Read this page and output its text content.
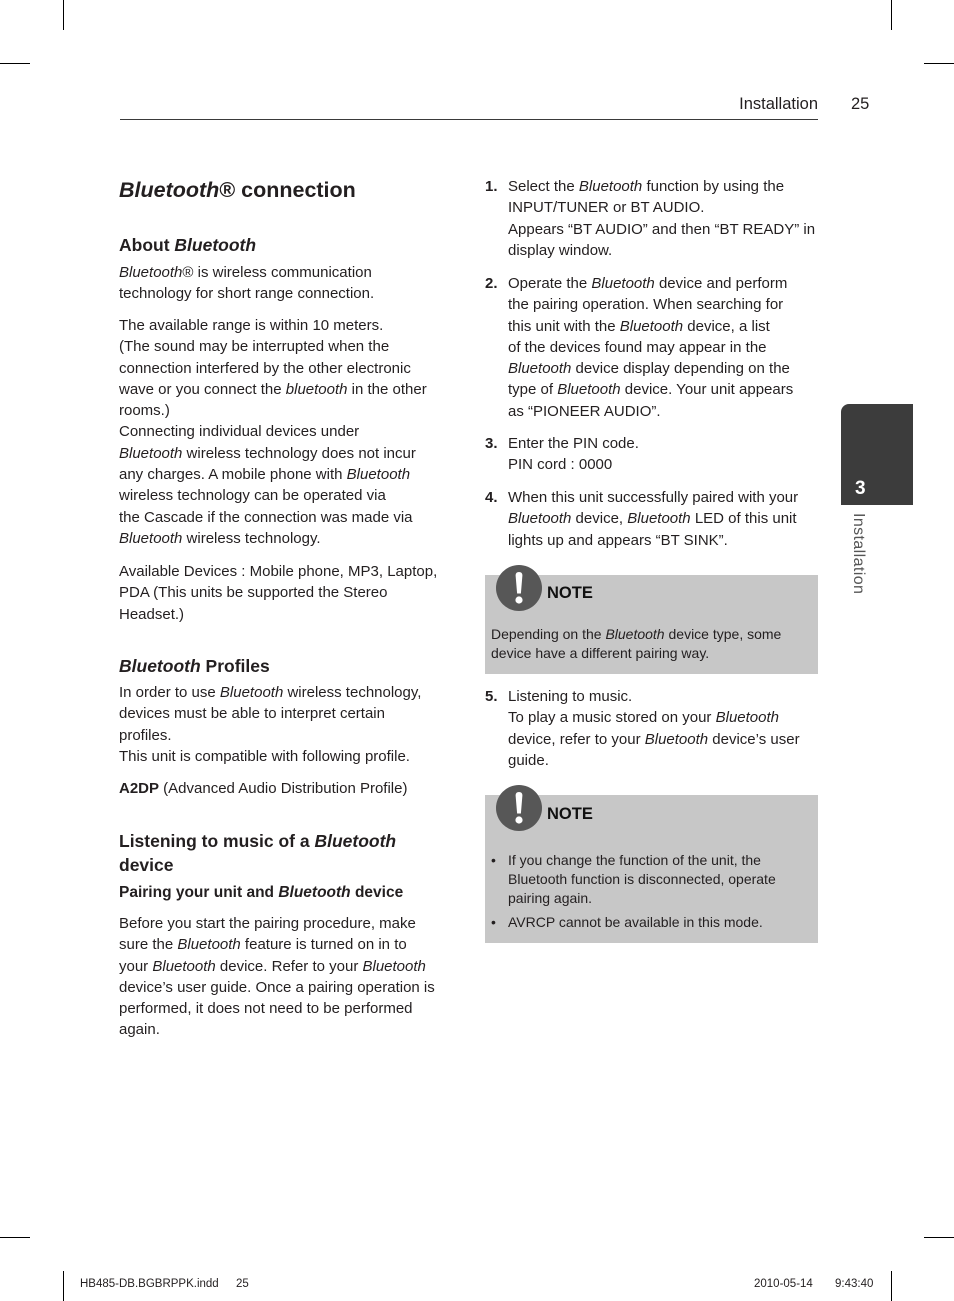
Installation 25
Bluetooth® connection
About Bluetooth
Bluetooth® is wireless communication
technology for short range connection.
The available range is within 10 meters.
(The sound may be interrupted when the
connection interfered by the other electronic
wave or you connect the bluetooth in the other
rooms.)
Connecting individual devices under
Bluetooth wireless technology does not incur
any charges. A mobile phone with Bluetooth
wireless technology can be operated via
the Cascade if the connection was made via
Bluetooth wireless technology.
Available Devices : Mobile phone, MP3, Laptop,
PDA (This units be supported the Stereo
Headset.)
Bluetooth Profiles
In order to use Bluetooth wireless technology,
devices must be able to interpret certain
profiles.
This unit is compatible with following profile.
A2DP (Advanced Audio Distribution Profile)
Listening to music of a Bluetooth
device
Pairing your unit and Bluetooth device
Before you start the pairing procedure, make
sure the Bluetooth feature is turned on in to
your Bluetooth device. Refer to your Bluetooth
device’s user guide. Once a pairing operation is
performed, it does not need to be performed
again.
1. Select the Bluetooth function by using the
INPUT/TUNER or BT AUDIO.
Appears “BT AUDIO” and then “BT READY” in
display window.
2. Operate the Bluetooth device and perform
the pairing operation. When searching for
this unit with the Bluetooth device, a list
of the devices found may appear in the
Bluetooth device display depending on the
type of Bluetooth device. Your unit appears
as “PIONEER AUDIO”.
3. Enter the PIN code.
PIN cord : 0000
4. When this unit successfully paired with your
Bluetooth device, Bluetooth LED of this unit
lights up and appears “BT SINK”.
NOTE
Depending on the Bluetooth device type, some
device have a different pairing way.
5. Listening to music.
To play a music stored on your Bluetooth
device, refer to your Bluetooth device’s user
guide.
NOTE
• If you change the function of the unit, the
Bluetooth function is disconnected, operate
pairing again.
• AVRCP cannot be available in this mode.
3
Installation
HB485-DB.BGBRPPK.indd 25	2010-05-14 9:43:40
